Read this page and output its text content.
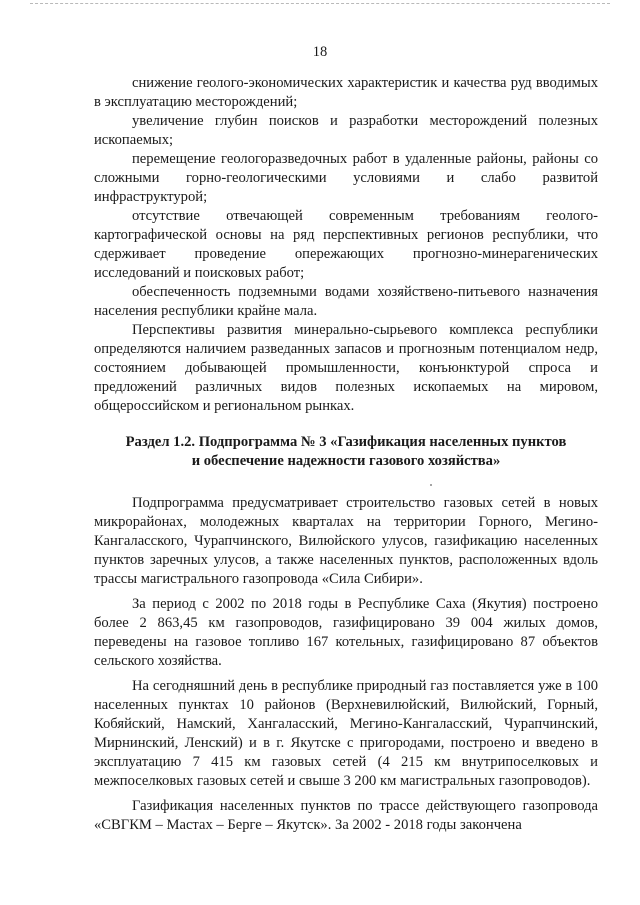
18

снижение геолого-экономических характеристик и качества руд вводимых в эксплуатацию месторождений;

увеличение глубин поисков и разработки месторождений полезных ископаемых;

перемещение геологоразведочных работ в удаленные районы, районы со сложными горно-геологическими условиями и слабо развитой инфраструктурой;

отсутствие отвечающей современным требованиям геолого-картографической основы на ряд перспективных регионов республики, что сдерживает проведение опережающих прогнозно-минерагенических исследований и поисковых работ;

обеспеченность подземными водами хозяйствено-питьевого назначения населения республики крайне мала.

Перспективы развития минерально-сырьевого комплекса республики определяются наличием разведанных запасов и прогнозным потенциалом недр, состоянием добывающей промышленности, конъюнктурой спроса и предложений различных видов полезных ископаемых на мировом, общероссийском и региональном рынках.

Раздел 1.2. Подпрограмма № 3 «Газификация населенных пунктов

и обеспечение надежности газового хозяйства»

Подпрограмма предусматривает строительство газовых сетей в новых микрорайонах, молодежных кварталах на территории Горного, Мегино-Кангаласского, Чурапчинского, Вилюйского улусов, газификацию населенных пунктов заречных улусов, а также населенных пунктов, расположенных вдоль трассы магистрального газопровода «Сила Сибири».

За период с 2002 по 2018 годы в Республике Саха (Якутия) построено более 2 863,45 км газопроводов, газифицировано 39 004 жилых домов, переведены на газовое топливо 167 котельных, газифицировано 87 объектов сельского хозяйства.

На сегодняшний день в республике природный газ поставляется уже в 100 населенных пунктах 10 районов (Верхневилюйский, Вилюйский, Горный, Кобяйский, Намский, Хангаласский, Мегино-Кангаласский, Чурапчинский, Мирнинский, Ленский) и в г. Якутске с пригородами, построено и введено в эксплуатацию 7 415 км газовых сетей (4 215 км внутрипоселковых и межпоселковых газовых сетей и свыше 3 200 км магистральных газопроводов).

Газификация населенных пунктов по трассе действующего газопровода «СВГКМ – Мастах – Берге – Якутск». За 2002 - 2018 годы закончена
